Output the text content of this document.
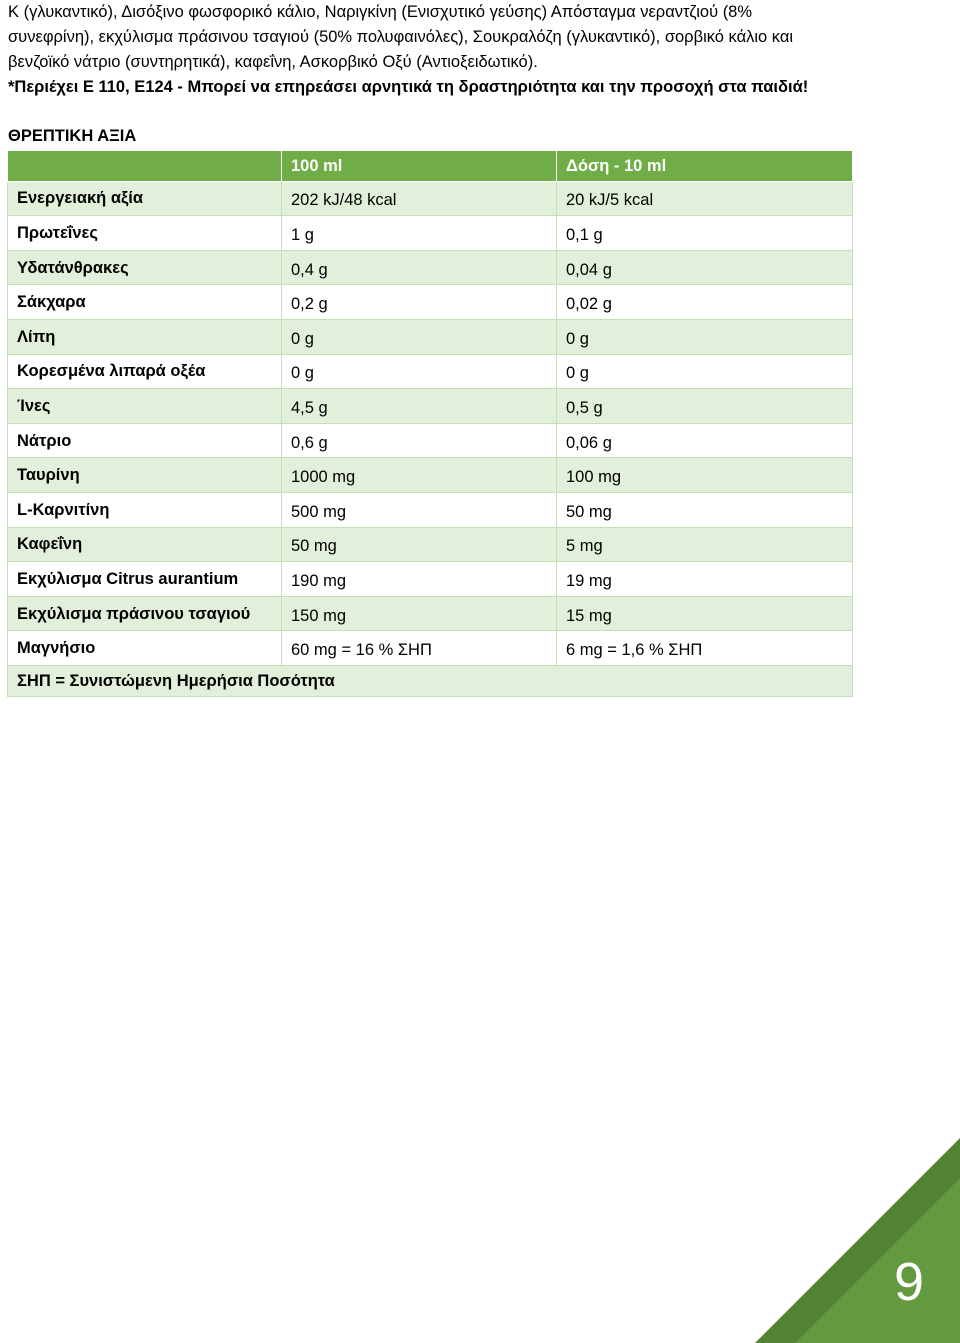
Κ (γλυκαντικό), Δισόξινο φωσφορικό κάλιο, Ναριγκίνη (Ενισχυτικό γεύσης) Απόσταγμα νεραντζιού (8%

συνεφρίνη), εκχύλισμα πράσινου τσαγιού (50% πολυφαινόλες), Σουκραλόζη (γλυκαντικό), σορβικό κάλιο και

βενζοϊκό νάτριο (συντηρητικά), καφεΐνη, Ασκορβικό Οξύ (Αντιοξειδωτικό).

*Περιέχει Ε 110, Ε124 - Μπορεί να επηρεάσει αρνητικά τη δραστηριότητα και την προσοχή στα παιδιά!

ΘΡΕΠΤΙΚΗ ΑΞΙΑ
	100 ml	Δόση - 10 ml
Ενεργειακή αξία	202 kJ/48 kcal	20 kJ/5 kcal
Πρωτεΐνες	1 g	0,1 g
Υδατάνθρακες	0,4 g	0,04 g
Σάκχαρα	0,2 g	0,02 g
Λίπη	0 g	0 g
Κορεσμένα λιπαρά οξέα	0 g	0 g
Ίνες	4,5 g	0,5 g
Νάτριο	0,6 g	0,06 g
Ταυρίνη	1000 mg	100 mg
L-Καρνιτίνη	500 mg	50 mg
Καφεΐνη	50 mg	5 mg
Εκχύλισμα Citrus aurantium	190 mg	19 mg
Εκχύλισμα πράσινου τσαγιού	150 mg	15 mg
Μαγνήσιο	60 mg = 16 % ΣΗΠ	6 mg = 1,6 % ΣΗΠ
ΣΗΠ = Συνιστώμενη Ημερήσια Ποσότητα		
9
